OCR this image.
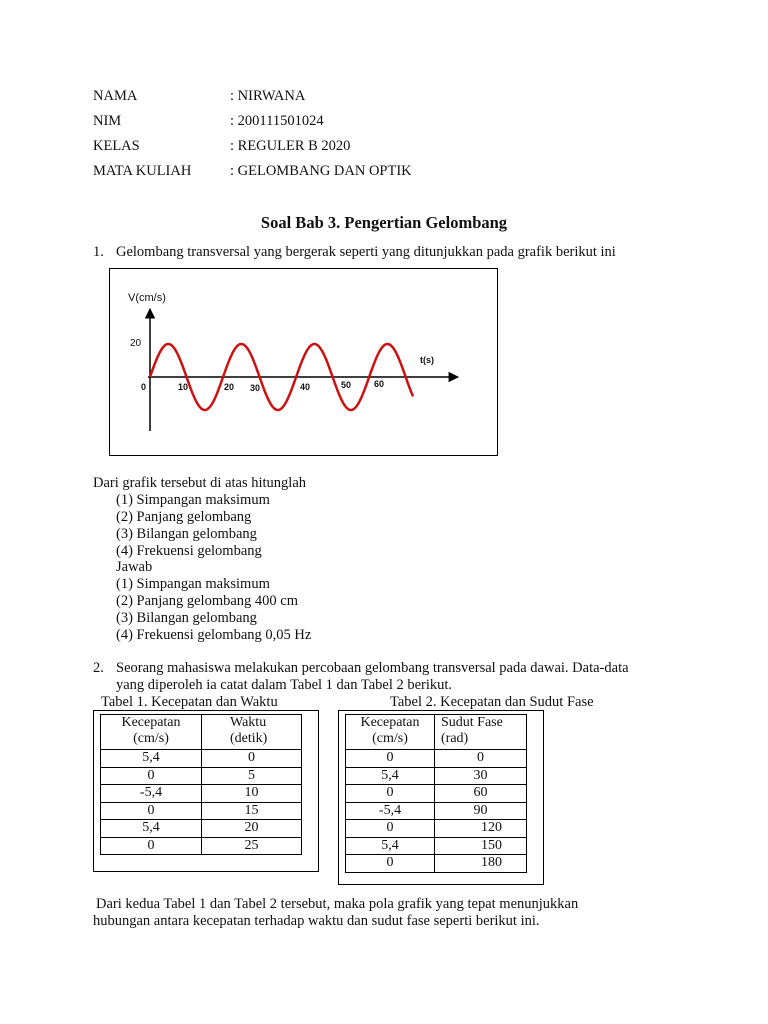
NAMA	: NIRWANA
NIM	: 200111501024
KELAS	: REGULER B 2020
MATA KULIAH	: GELOMBANG DAN OPTIK
Soal Bab 3. Pengertian Gelombang
1. Gelombang transversal yang bergerak seperti yang ditunjukkan pada grafik berikut ini
V(cm/s)
t(s)
20
0	10	20 30	40	50	60
Dari grafik tersebut di atas hitunglah
(1) Simpangan maksimum
(2) Panjang gelombang
(3) Bilangan gelombang
(4) Frekuensi gelombang
Jawab
(1) Simpangan maksimum
(2) Panjang gelombang 400 cm
(3) Bilangan gelombang
(4) Frekuensi gelombang 0,05 Hz
2. Seorang mahasiswa melakukan percobaan gelombang transversal pada dawai. Data-data
yang diperoleh ia catat dalam Tabel 1 dan Tabel 2 berikut.
Tabel 1. Kecepatan dan Waktu	Tabel 2. Kecepatan dan Sudut Fase
Kecepatan
(cm/s)	Waktu
(detik)
5,4	0
0	5
-5,4	10
0	15
5,4	20
0	25
Kecepatan
(cm/s)	Sudut Fase
(rad)
0	0
5,4	30
0	60
-5,4	90
0	120
5,4	150
0	180
Dari kedua Tabel 1 dan Tabel 2 tersebut, maka pola grafik yang tepat menunjukkan
hubungan antara kecepatan terhadap waktu dan sudut fase seperti berikut ini.
